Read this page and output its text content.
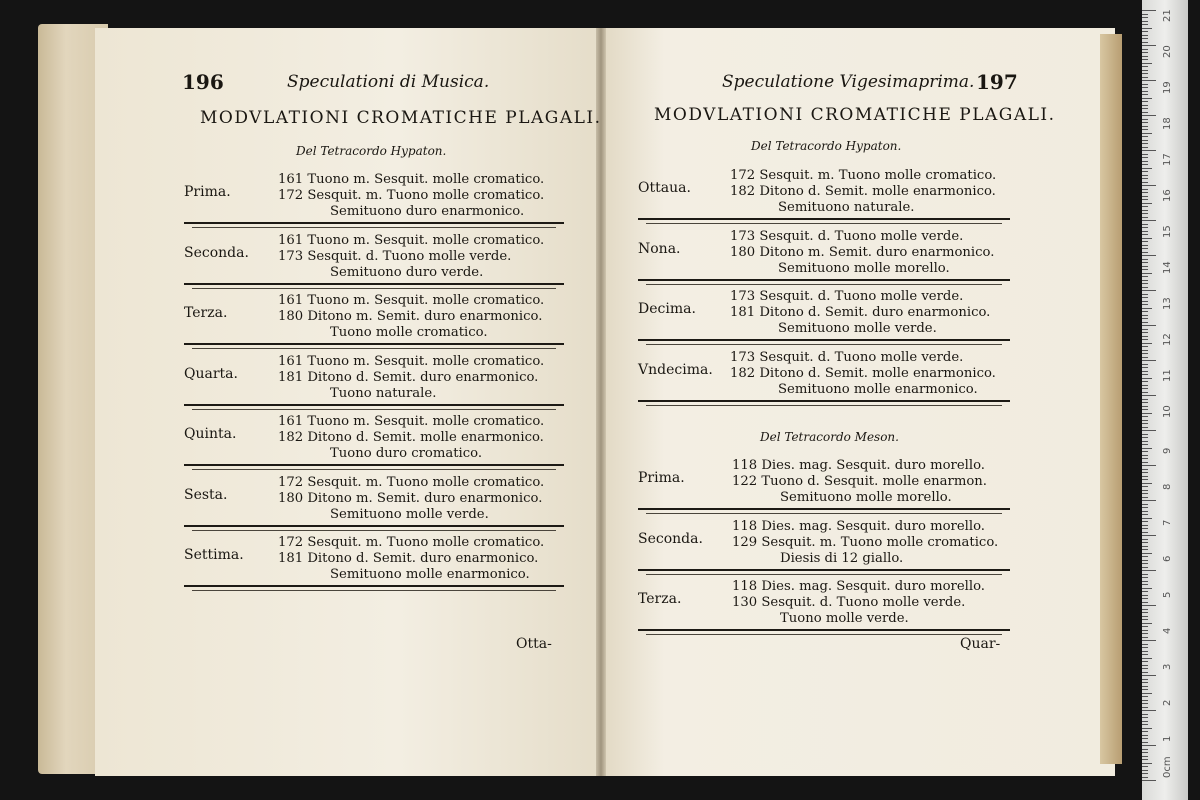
196	Speculationi di Musica.
MODVLATIONI CROMATICHE PLAGALI.
Del Tetracordo Hypaton.
Prima.
161 Tuono m. Sesquit. molle cromatico.
172 Sesquit. m. Tuono molle cromatico.
Semituono duro enarmonico.
Seconda.
161 Tuono m. Sesquit. molle cromatico.
173 Sesquit. d. Tuono molle verde.
Semituono duro verde.
Terza.
161 Tuono m. Sesquit. molle cromatico.
180 Ditono m. Semit. duro enarmonico.
Tuono molle cromatico.
Quarta.
161 Tuono m. Sesquit. molle cromatico.
181 Ditono d. Semit. duro enarmonico.
Tuono naturale.
Quinta.
161 Tuono m. Sesquit. molle cromatico.
182 Ditono d. Semit. molle enarmonico.
Tuono duro cromatico.
Sesta.
172 Sesquit. m. Tuono molle cromatico.
180 Ditono m. Semit. duro enarmonico.
Semituono molle verde.
Settima.
172 Sesquit. m. Tuono molle cromatico.
181 Ditono d. Semit. duro enarmonico.
Semituono molle enarmonico.
Otta-
Speculatione Vigesimaprima. 197
MODVLATIONI CROMATICHE PLAGALI.
Del Tetracordo Hypaton.
Ottaua.
172 Sesquit. m. Tuono molle cromatico.
182 Ditono d. Semit. molle enarmonico.
Semituono naturale.
Nona.
173 Sesquit. d. Tuono molle verde.
180 Ditono m. Semit. duro enarmonico.
Semituono molle morello.
Decima.
173 Sesquit. d. Tuono molle verde.
181 Ditono d. Semit. duro enarmonico.
Semituono molle verde.
Vndecima.
173 Sesquit. d. Tuono molle verde.
182 Ditono d. Semit. molle enarmonico.
Semituono molle enarmonico.
Del Tetracordo Meson.
Prima.
118 Dies. mag. Sesquit. duro morello.
122 Tuono d. Sesquit. molle enarmon.
Semituono molle morello.
Seconda.
118 Dies. mag. Sesquit. duro morello.
129 Sesquit. m. Tuono molle cromatico.
Diesis di 12 giallo.
Terza.
118 Dies. mag. Sesquit. duro morello.
130 Sesquit. d. Tuono molle verde.
Tuono molle verde.
Quar-
21
20
19
18
17
16
15
14
13
12
11
10
9
8
7
6
5
4
3
2
1
0cm
